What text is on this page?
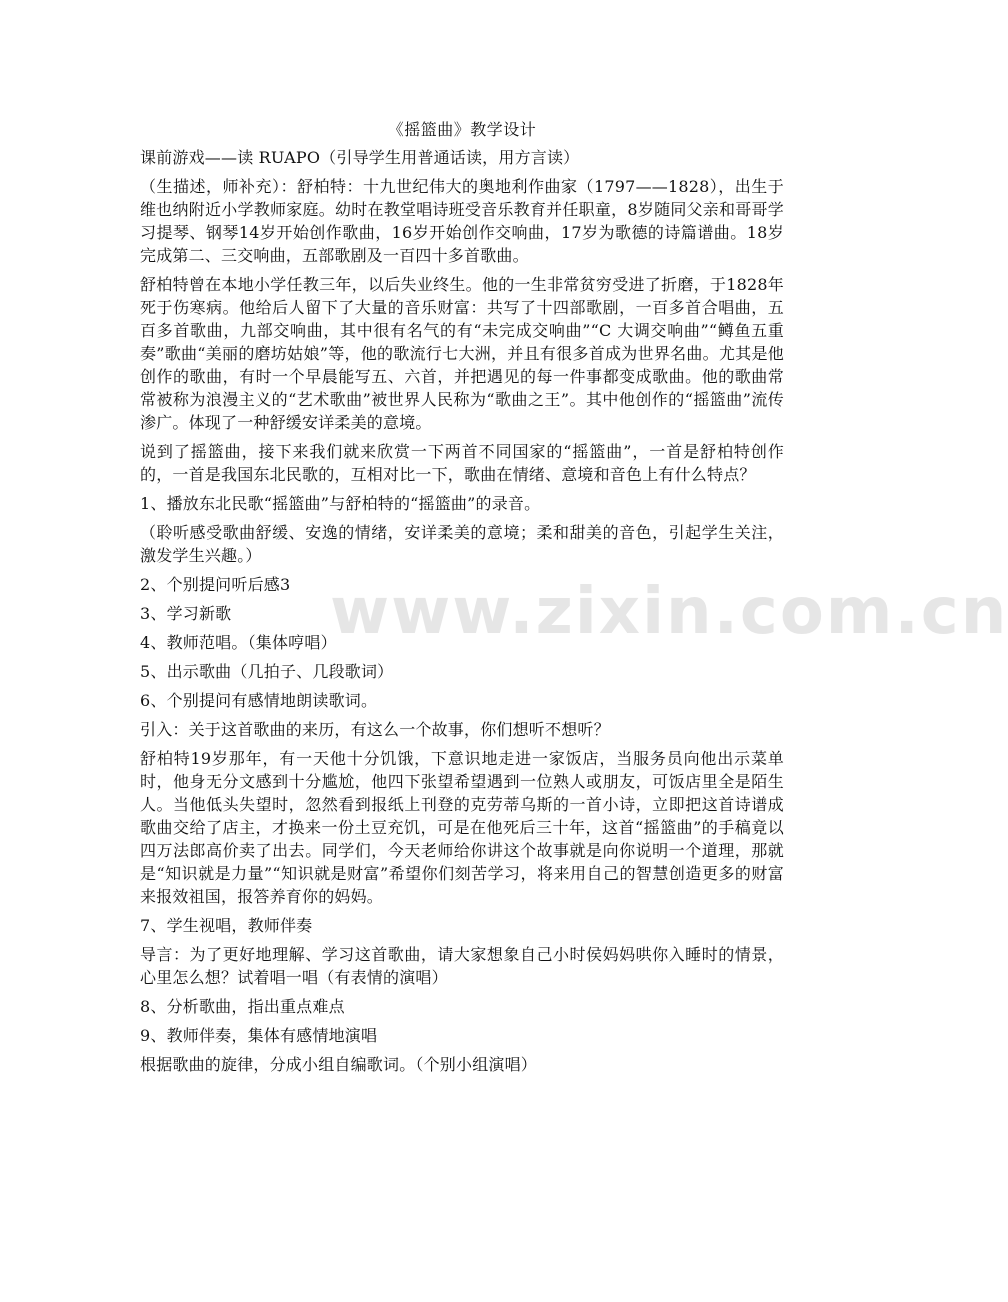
《摇篮曲》教学设计

课前游戏——读 RUAPO（引导学生用普通话读，用方言读）

（生描述，师补充）：舒柏特：十九世纪伟大的奥地利作曲家（1797——1828），出生于维也纳附近小学教师家庭。幼时在教堂唱诗班受音乐教育并任职童，8岁随同父亲和哥哥学习提琴、钢琴14岁开始创作歌曲，16岁开始创作交响曲，17岁为歌德的诗篇谱曲。18岁完成第二、三交响曲，五部歌剧及一百四十多首歌曲。

舒柏特曾在本地小学任教三年，以后失业终生。他的一生非常贫穷受进了折磨，于1828年死于伤寒病。他给后人留下了大量的音乐财富：共写了十四部歌剧，一百多首合唱曲，五百多首歌曲，九部交响曲，其中很有名气的有“未完成交响曲”“C 大调交响曲”“鳟鱼五重奏”歌曲“美丽的磨坊姑娘”等，他的歌流行七大洲，并且有很多首成为世界名曲。尤其是他创作的歌曲，有时一个早晨能写五、六首，并把遇见的每一件事都变成歌曲。他的歌曲常常被称为浪漫主义的“艺术歌曲”被世界人民称为“歌曲之王”。其中他创作的“摇篮曲”流传渗广。体现了一种舒缓安详柔美的意境。

说到了摇篮曲，接下来我们就来欣赏一下两首不同国家的“摇篮曲”，一首是舒柏特创作的，一首是我国东北民歌的，互相对比一下，歌曲在情绪、意境和音色上有什么特点？

1、播放东北民歌“摇篮曲”与舒柏特的“摇篮曲”的录音。

（聆听感受歌曲舒缓、安逸的情绪，安详柔美的意境；柔和甜美的音色，引起学生关注，激发学生兴趣。）

2、个别提问听后感3

3、学习新歌

4、教师范唱。（集体哼唱）

5、出示歌曲（几拍子、几段歌词）

6、个别提问有感情地朗读歌词。

引入：关于这首歌曲的来历，有这么一个故事，你们想听不想听？

舒柏特19岁那年，有一天他十分饥饿，下意识地走进一家饭店，当服务员向他出示菜单时，他身无分文感到十分尴尬，他四下张望希望遇到一位熟人或朋友，可饭店里全是陌生人。当他低头失望时，忽然看到报纸上刊登的克劳蒂乌斯的一首小诗，立即把这首诗谱成歌曲交给了店主，才换来一份土豆充饥，可是在他死后三十年，这首“摇篮曲”的手稿竟以四万法郎高价卖了出去。同学们，今天老师给你讲这个故事就是向你说明一个道理，那就是“知识就是力量”“知识就是财富”希望你们刻苦学习，将来用自己的智慧创造更多的财富来报效祖国，报答养育你的妈妈。

7、学生视唱，教师伴奏

导言：为了更好地理解、学习这首歌曲，请大家想象自己小时侯妈妈哄你入睡时的情景，心里怎么想？试着唱一唱（有表情的演唱）

8、分析歌曲，指出重点难点

9、教师伴奏，集体有感情地演唱

根据歌曲的旋律，分成小组自编歌词。（个别小组演唱）

www.zixin.com.cn
